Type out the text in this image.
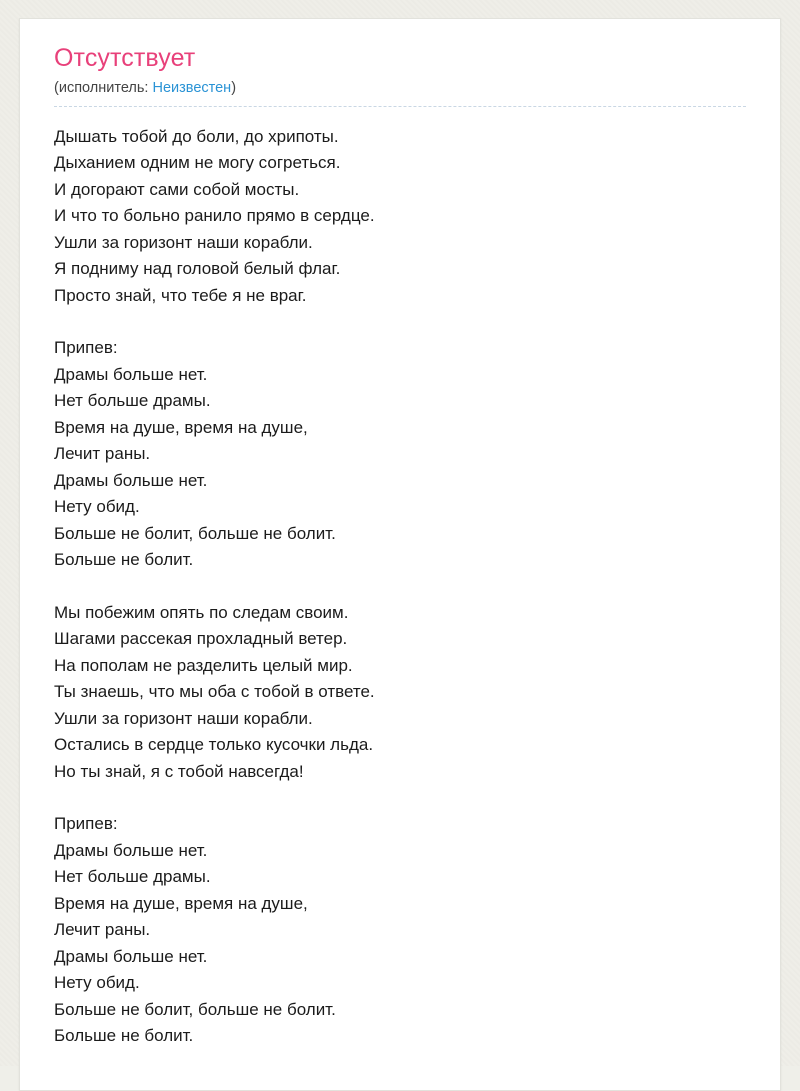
Отсутствует
(исполнитель: Неизвестен)
Дышать тобой до боли, до хрипоты.
Дыханием одним не могу согреться.
И догорают сами собой мосты.
И что то больно ранило прямо в сердце.
Ушли за горизонт наши корабли.
Я подниму над головой белый флаг.
Просто знай, что тебе я не враг.
Припев:
Драмы больше нет.
Нет больше драмы.
Время на душе, время на душе,
Лечит раны.
Драмы больше нет.
Нету обид.
Больше не болит, больше не болит.
Больше не болит.
Мы побежим опять по следам своим.
Шагами рассекая прохладный ветер.
На пополам не разделить целый мир.
Ты знаешь, что мы оба с тобой в ответе.
Ушли за горизонт наши корабли.
Остались в сердце только кусочки льда.
Но ты знай, я с тобой навсегда!
Припев:
Драмы больше нет.
Нет больше драмы.
Время на душе, время на душе,
Лечит раны.
Драмы больше нет.
Нету обид.
Больше не болит, больше не болит.
Больше не болит.
